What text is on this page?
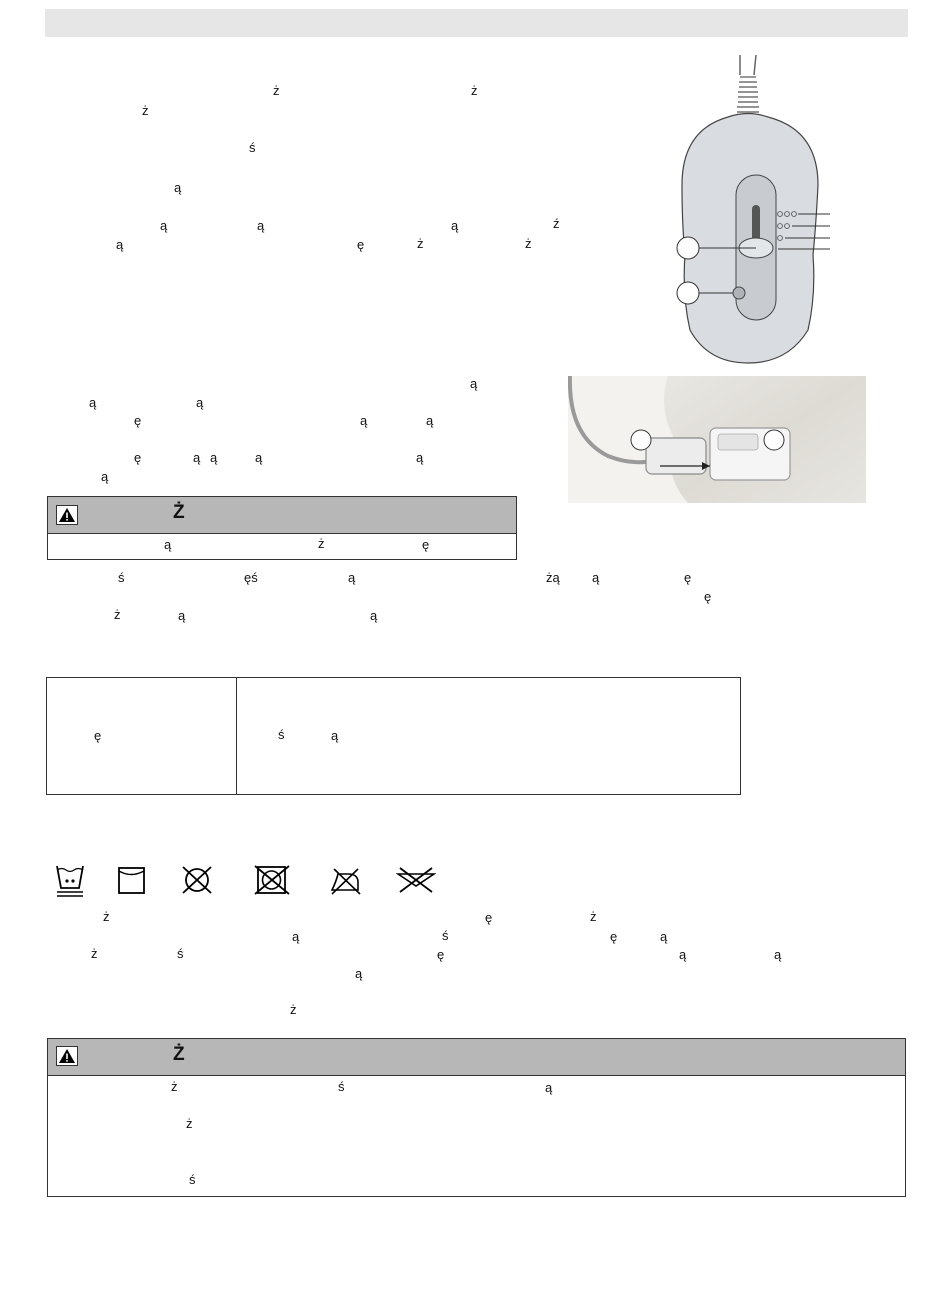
ż	ż
ż
ś
ą
ą	ą	ą	ź
ą	ę	ż	ż
ą
ą	ą
ę	ą	ą
ę	ą ą	ą	ą
ą
Ż
ą	ż	ę
ś	ęś	ą	żą ą	ę
ę
ż	ą	ą
ę	ś	ą
ż	ę	ż
ą	ś	ę	ą
ż	ś	ę	ą	ą
ą
ż
Ż
ż	ś	ą
ż
ś
